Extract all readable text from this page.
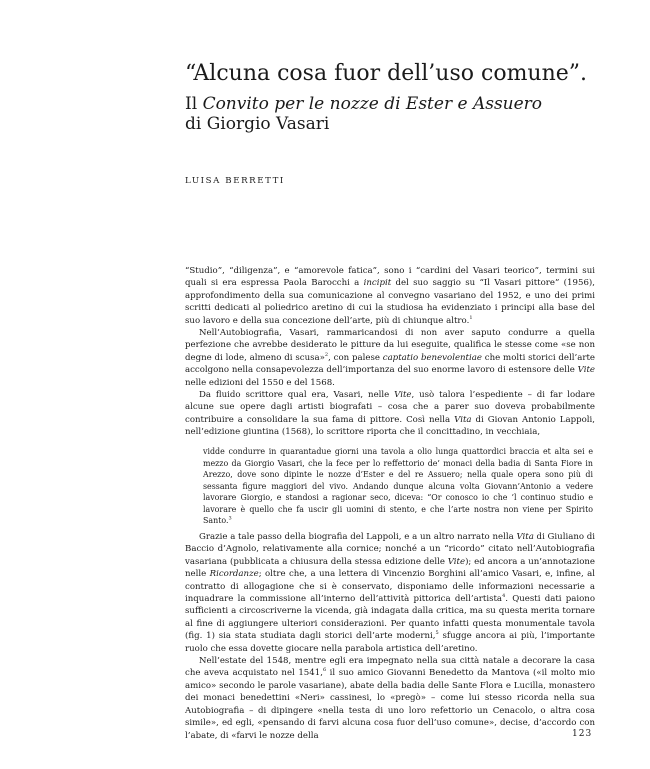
“Alcuna cosa fuor dell’uso comune”.
Il Convito per le nozze di Ester e Assuero
di Giorgio Vasari
LUISA BERRETTI

“Studio”, “diligenza”, e “amorevole fatica”, sono i “cardini del Vasari teorico”, termini sui quali si era espressa Paola Barocchi a incipit del suo saggio su “Il Vasari pittore” (1956), approfondimento della sua comunicazione al convegno vasariano del 1952, e uno dei primi scritti dedicati al poliedrico aretino di cui la studiosa ha evidenziato i principi alla base del suo lavoro e della sua concezione dell’arte, più di chiunque altro.$^1$

Nell’Autobiografia, Vasari, rammaricandosi di non aver saputo condurre a quella perfezione che avrebbe desiderato le pitture da lui eseguite, qualifica le stesse come «se non degne di lode, almeno di scusa»$^2$, con palese captatio benevolentiae che molti storici dell’arte accolgono nella consapevolezza dell’importanza del suo enorme lavoro di estensore delle Vite nelle edizioni del 1550 e del 1568.

Da fluido scrittore qual era, Vasari, nelle Vite, usò talora l’espediente – di far lodare alcune sue opere dagli artisti biografati – cosa che a parer suo doveva probabilmente contribuire a consolidare la sua fama di pittore. Così nella Vita di Giovan Antonio Lappoli, nell’edizione giuntina (1568), lo scrittore riporta che il concittadino, in vecchiaia,

vidde condurre in quarantadue giorni una tavola a olio lunga quattordici braccia et alta sei e mezzo da Giorgio Vasari, che la fece per lo reffettorio de’ monaci della badia di Santa Fiore in Arezzo, dove sono dipinte le nozze d’Ester e del re Assuero; nella quale opera sono più di sessanta figure maggiori del vivo. Andando dunque alcuna volta Giovann’Antonio a vedere lavorare Giorgio, e standosi a ragionar seco, diceva: “Or conosco io che ’l continuo studio e lavorare è quello che fa uscir gli uomini di stento, e che l’arte nostra non viene per Spirito Santo.$^3$

Grazie a tale passo della biografia del Lappoli, e a un altro narrato nella Vita di Giuliano di Baccio d’Agnolo, relativamente alla cornice; nonché a un “ricordo” citato nell’Autobiografia vasariana (pubblicata a chiusura della stessa edizione delle Vite); ed ancora a un’annotazione nelle Ricordanze; oltre che, a una lettera di Vincenzio Borghini all’amico Vasari, e, infine, al contratto di allogagione che si è conservato, disponiamo delle informazioni necessarie a inquadrare la commissione all’interno dell’attività pittorica dell’artista$^4$. Questi dati paiono sufficienti a circoscriverne la vicenda, già indagata dalla critica, ma su questa merita tornare al fine di aggiungere ulteriori considerazioni. Per quanto infatti questa monumentale tavola (fig. 1) sia stata studiata dagli storici dell’arte moderni,$^5$ sfugge ancora ai più, l’importante ruolo che essa dovette giocare nella parabola artistica dell’aretino.

Nell’estate del 1548, mentre egli era impegnato nella sua città natale a decorare la casa che aveva acquistato nel 1541,$^6$ il suo amico Giovanni Benedetto da Mantova («il molto mio amico» secondo le parole vasariane), abate della badia delle Sante Flora e Lucilla, monastero dei monaci benedettini «Neri» cassinesi, lo «pregò» – come lui stesso ricorda nella sua Autobiografia – di dipingere «nella testa di uno loro refettorio un Cenacolo, o altra cosa simile», ed egli, «pensando di farvi alcuna cosa fuor dell’uso comune», decise, d’accordo con l’abate, di «farvi le nozze della	123
